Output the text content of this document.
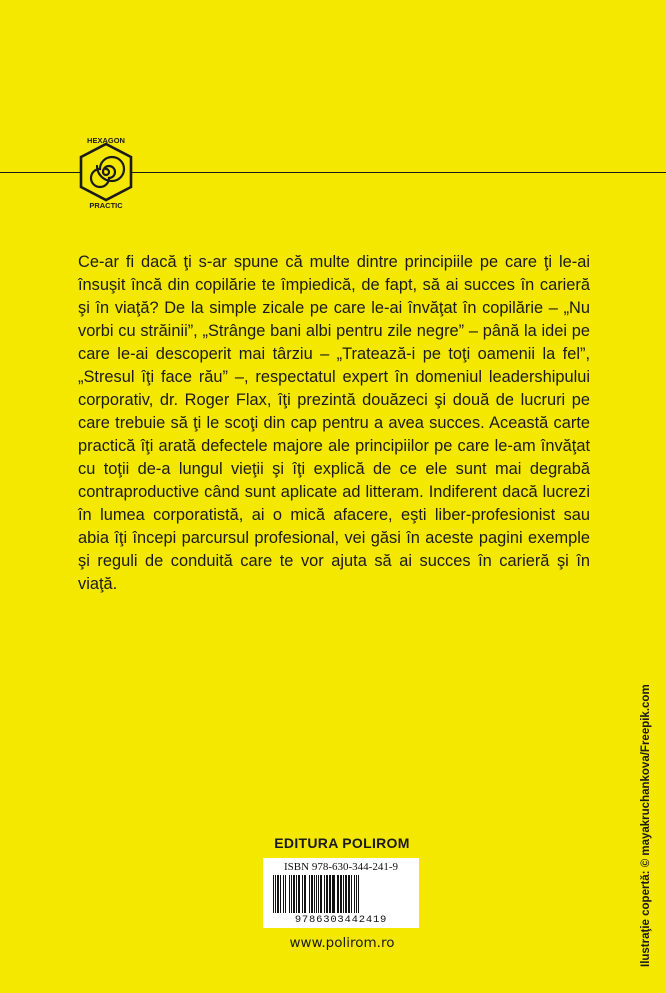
HEXAGON
PRACTIC

Ce-ar fi dacă ţi s-ar spune că multe dintre principiile pe care ţi le-ai însuşit încă din copilărie te împiedică, de fapt, să ai succes în carieră şi în viaţă? De la simple zicale pe care le-ai învăţat în copilărie – „Nu vorbi cu străinii”, „Strânge bani albi pentru zile negre” – până la idei pe care le-ai descoperit mai târziu – „Tratează-i pe toţi oamenii la fel”, „Stresul îţi face rău” –, respectatul expert în domeniul leadershipului corporativ, dr. Roger Flax, îţi prezintă douăzeci şi două de lucruri pe care trebuie să ţi le scoţi din cap pentru a avea succes. Această carte practică îţi arată defectele majore ale principiilor pe care le-am învăţat cu toţii de-a lungul vieţii şi îţi explică de ce ele sunt mai degrabă contraproductive când sunt aplicate ad litteram. Indiferent dacă lucrezi în lumea corporatistă, ai o mică afacere, eşti liber-profesionist sau abia îţi începi parcursul profesional, vei găsi în aceste pagini exemple şi reguli de conduită care te vor ajuta să ai succes în carieră şi în viaţă.

EDITURA POLIROM
ISBN 978-630-344-241-9
9786303442419
www.polirom.ro	Ilustraţie copertă: © mayakruchankova/Freepik.com
